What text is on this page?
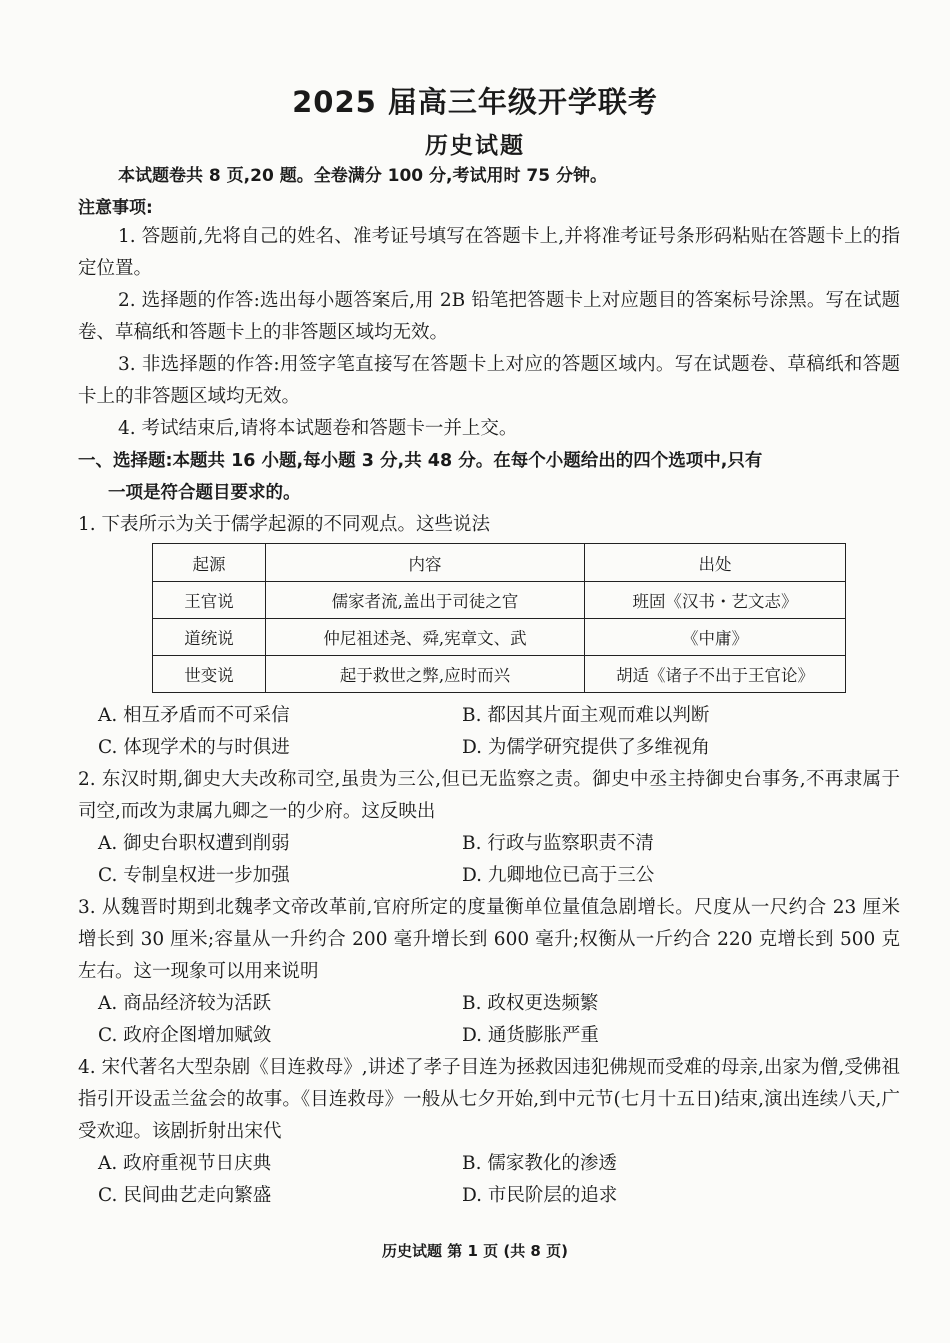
2025 届高三年级开学联考
历史试题
本试题卷共 8 页,20 题。全卷满分 100 分,考试用时 75 分钟。
注意事项:
1. 答题前,先将自己的姓名、准考证号填写在答题卡上,并将准考证号条形码粘贴在答题卡上的指定位置。
2. 选择题的作答:选出每小题答案后,用 2B 铅笔把答题卡上对应题目的答案标号涂黑。写在试题卷、草稿纸和答题卡上的非答题区域均无效。
3. 非选择题的作答:用签字笔直接写在答题卡上对应的答题区域内。写在试题卷、草稿纸和答题卡上的非答题区域均无效。
4. 考试结束后,请将本试题卷和答题卡一并上交。
一、选择题:本题共 16 小题,每小题 3 分,共 48 分。在每个小题给出的四个选项中,只有
一项是符合题目要求的。
1. 下表所示为关于儒学起源的不同观点。这些说法
起源	内容	出处
王官说	儒家者流,盖出于司徒之官	班固《汉书・艺文志》
道统说	仲尼祖述尧、舜,宪章文、武	《中庸》
世变说	起于救世之弊,应时而兴	胡适《诸子不出于王官论》
A. 相互矛盾而不可采信	B. 都因其片面主观而难以判断
C. 体现学术的与时俱进	D. 为儒学研究提供了多维视角
2. 东汉时期,御史大夫改称司空,虽贵为三公,但已无监察之责。御史中丞主持御史台事务,不再隶属于司空,而改为隶属九卿之一的少府。这反映出
A. 御史台职权遭到削弱	B. 行政与监察职责不清
C. 专制皇权进一步加强	D. 九卿地位已高于三公
3. 从魏晋时期到北魏孝文帝改革前,官府所定的度量衡单位量值急剧增长。尺度从一尺约合 23 厘米增长到 30 厘米;容量从一升约合 200 毫升增长到 600 毫升;权衡从一斤约合 220 克增长到 500 克左右。这一现象可以用来说明
A. 商品经济较为活跃	B. 政权更迭频繁
C. 政府企图增加赋敛	D. 通货膨胀严重
4. 宋代著名大型杂剧《目连救母》,讲述了孝子目连为拯救因违犯佛规而受难的母亲,出家为僧,受佛祖指引开设盂兰盆会的故事。《目连救母》一般从七夕开始,到中元节(七月十五日)结束,演出连续八天,广受欢迎。该剧折射出宋代
A. 政府重视节日庆典	B. 儒家教化的渗透
C. 民间曲艺走向繁盛	D. 市民阶层的追求
历史试题 第 1 页 (共 8 页)
